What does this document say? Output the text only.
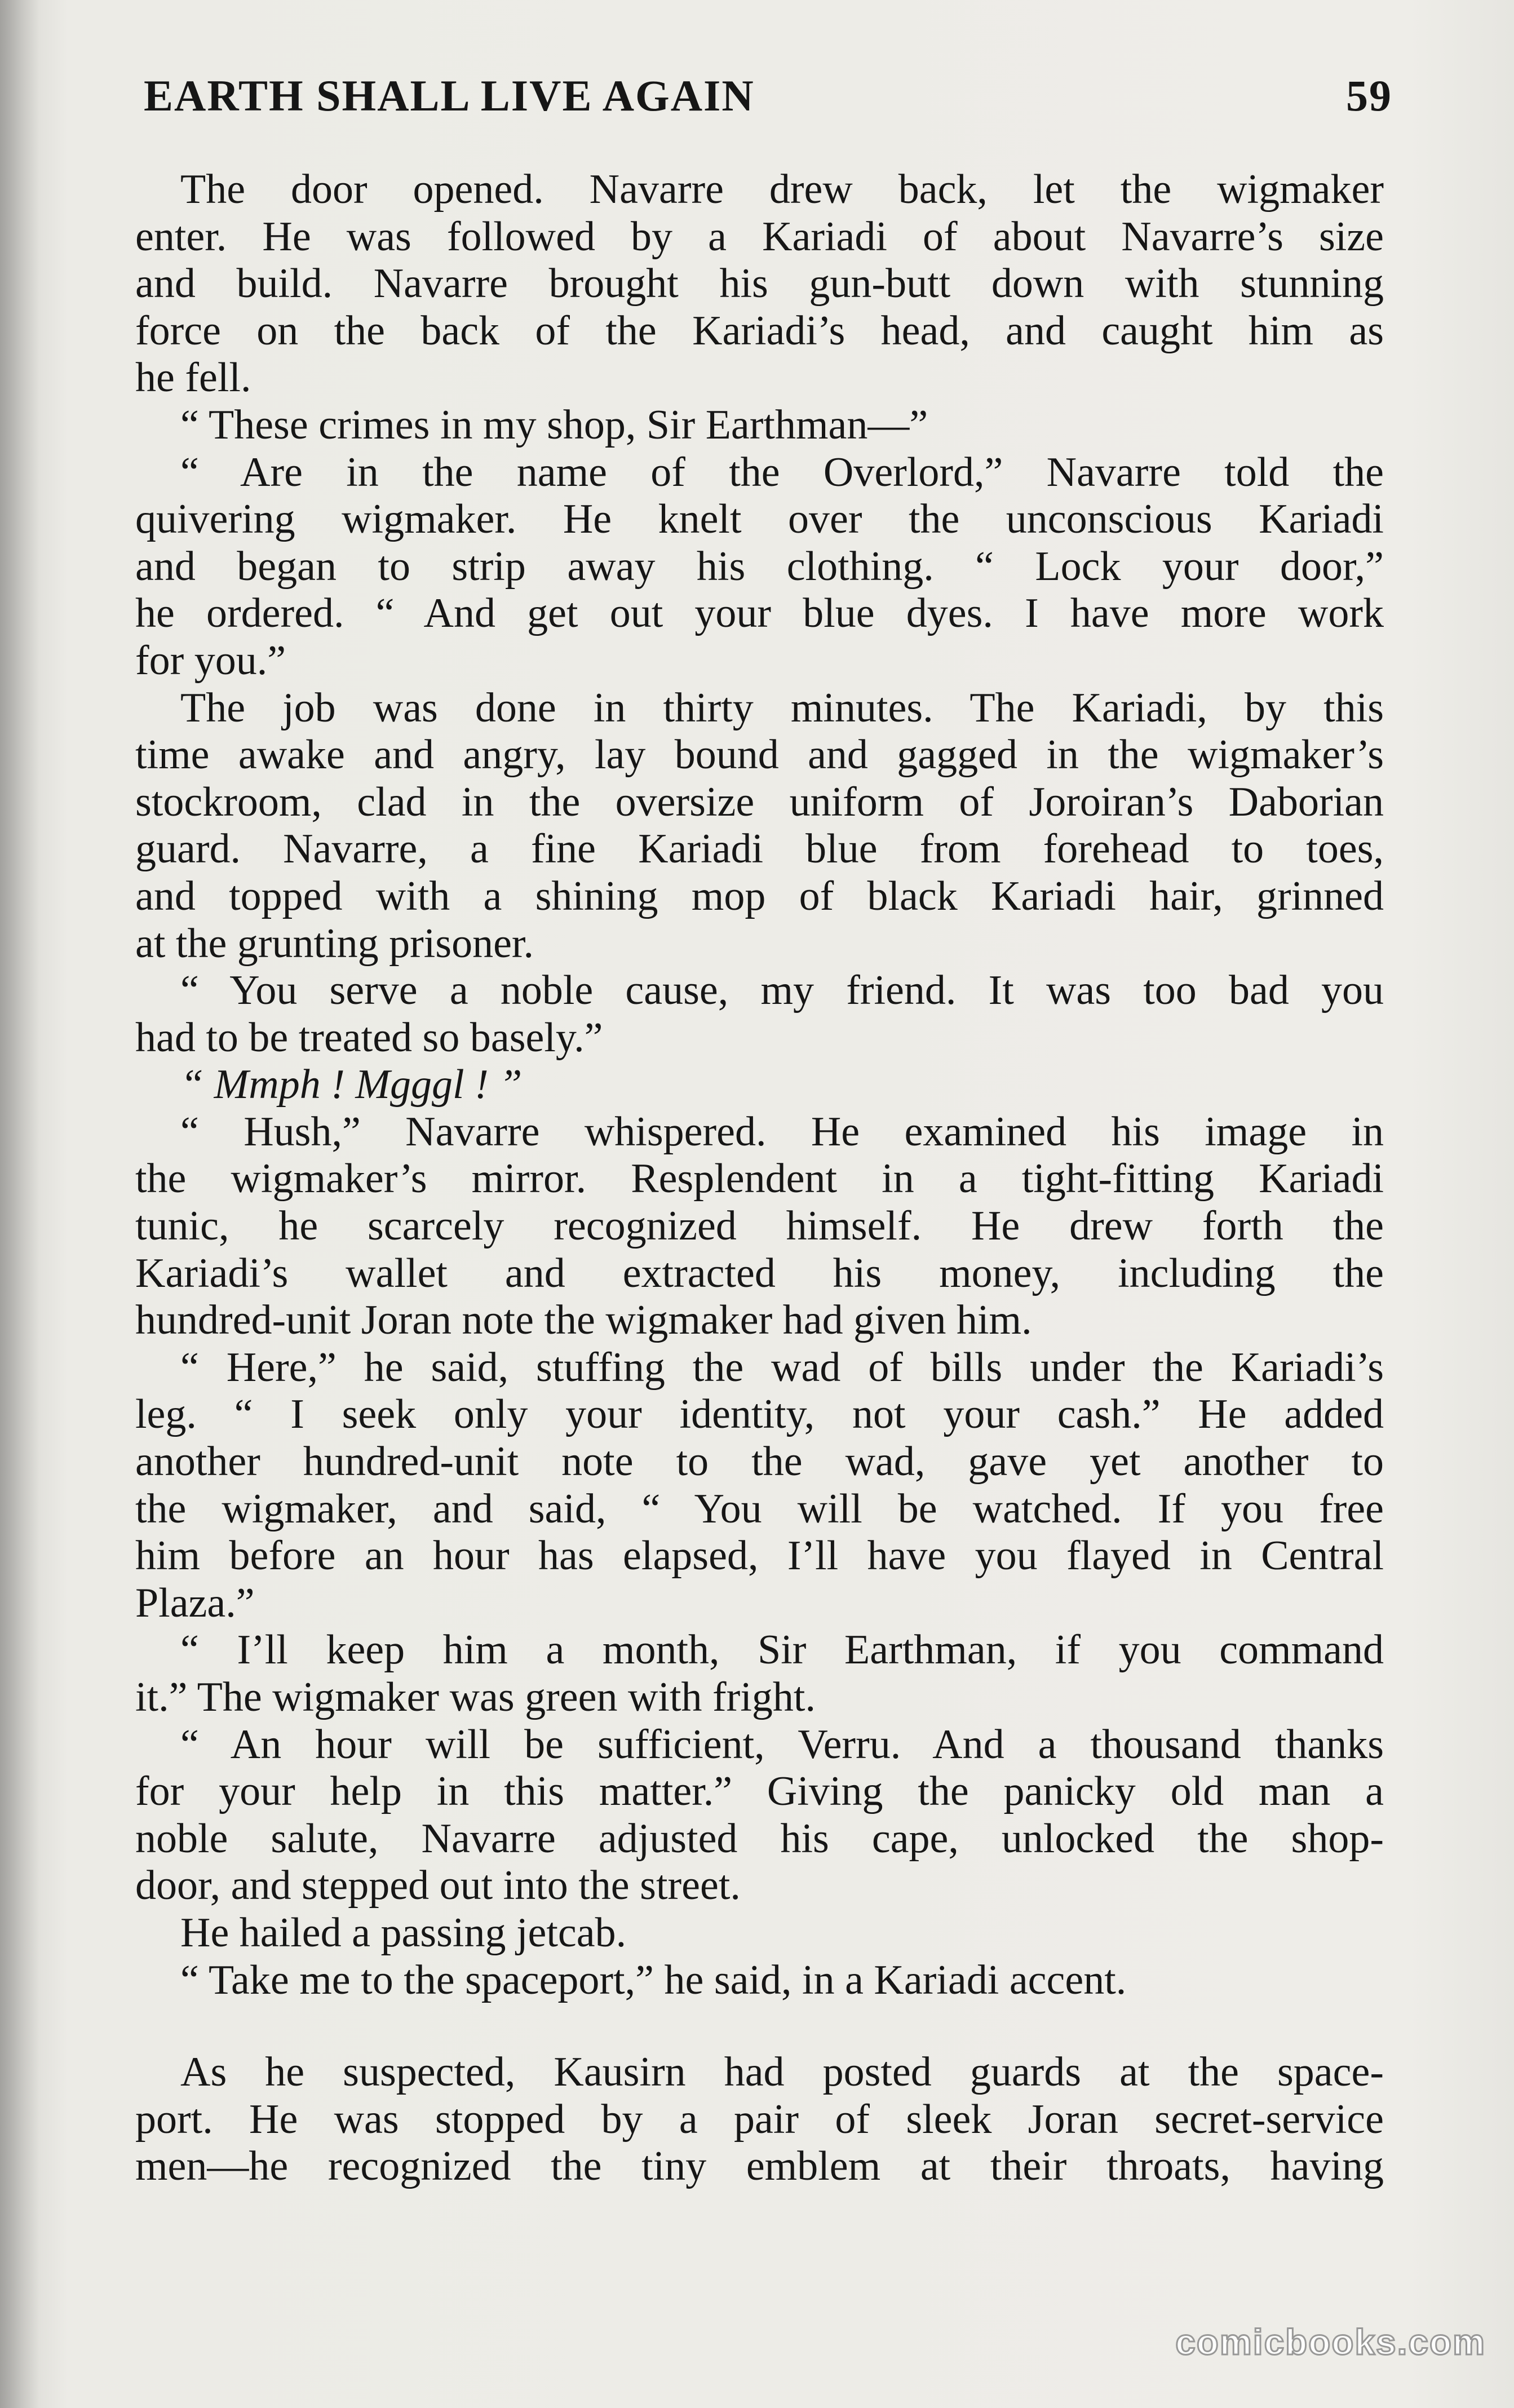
EARTH SHALL LIVE AGAIN	59
The door opened. Navarre drew back, let the wigmaker
enter. He was followed by a Kariadi of about Navarre’s size
and build. Navarre brought his gun-butt down with stunning
force on the back of the Kariadi’s head, and caught him as
he fell.
“ These crimes in my shop, Sir Earthman—”
“ Are in the name of the Overlord,” Navarre told the
quivering wigmaker. He knelt over the unconscious Kariadi
and began to strip away his clothing. “ Lock your door,”
he ordered. “ And get out your blue dyes. I have more work
for you.”
The job was done in thirty minutes. The Kariadi, by this
time awake and angry, lay bound and gagged in the wigmaker’s
stockroom, clad in the oversize uniform of Joroiran’s Daborian
guard. Navarre, a fine Kariadi blue from forehead to toes,
and topped with a shining mop of black Kariadi hair, grinned
at the grunting prisoner.
“ You serve a noble cause, my friend. It was too bad you
had to be treated so basely.”
“ Mmph ! Mgggl ! ”
“ Hush,” Navarre whispered. He examined his image in
the wigmaker’s mirror. Resplendent in a tight-fitting Kariadi
tunic, he scarcely recognized himself. He drew forth the
Kariadi’s wallet and extracted his money, including the
hundred-unit Joran note the wigmaker had given him.
“ Here,” he said, stuffing the wad of bills under the Kariadi’s
leg. “ I seek only your identity, not your cash.” He added
another hundred-unit note to the wad, gave yet another to
the wigmaker, and said, “ You will be watched. If you free
him before an hour has elapsed, I’ll have you flayed in Central
Plaza.”
“ I’ll keep him a month, Sir Earthman, if you command
it.” The wigmaker was green with fright.
“ An hour will be sufficient, Verru. And a thousand thanks
for your help in this matter.” Giving the panicky old man a
noble salute, Navarre adjusted his cape, unlocked the shop-
door, and stepped out into the street.
He hailed a passing jetcab.
“ Take me to the spaceport,” he said, in a Kariadi accent.
As he suspected, Kausirn had posted guards at the space-
port. He was stopped by a pair of sleek Joran secret-service
men—he recognized the tiny emblem at their throats, having
comicbooks.com
